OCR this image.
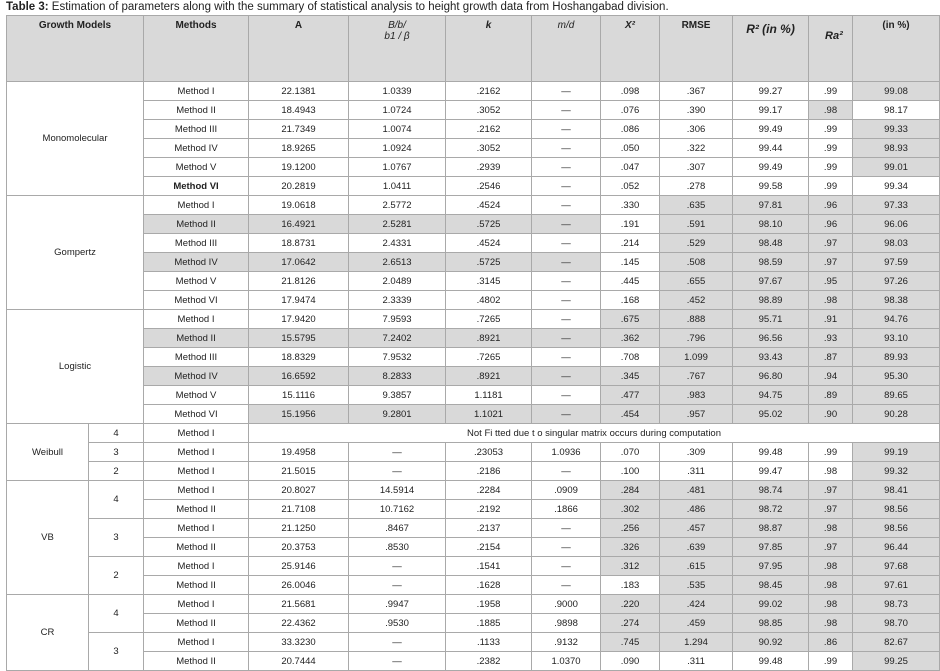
Table 3: Estimation of parameters along with the summary of statistical analysis to height growth data from Hoshangabad division.
Growth Models		Methods	A	B/b/
b1 / β	k	m/d	X²	RMSE	R² (in %)	Ra²	(in %)
Monomolecular		Method I	22.1381	1.0339	.2162	—	.098	.367	99.27	.99	99.08
		Method II	18.4943	1.0724	.3052	—	.076	.390	99.17	.98	98.17
		Method III	21.7349	1.0074	.2162	—	.086	.306	99.49	.99	99.33
		Method IV	18.9265	1.0924	.3052	—	.050	.322	99.44	.99	98.93
		Method V	19.1200	1.0767	.2939	—	.047	.307	99.49	.99	99.01
		Method VI	20.2819	1.0411	.2546	—	.052	.278	99.58	.99	99.34
Gompertz		Method I	19.0618	2.5772	.4524	—	.330	.635	97.81	.96	97.33
		Method II	16.4921	2.5281	.5725	—	.191	.591	98.10	.96	96.06
		Method III	18.8731	2.4331	.4524	—	.214	.529	98.48	.97	98.03
		Method IV	17.0642	2.6513	.5725	—	.145	.508	98.59	.97	97.59
		Method V	21.8126	2.0489	.3145	—	.445	.655	97.67	.95	97.26
		Method VI	17.9474	2.3339	.4802	—	.168	.452	98.89	.98	98.38
Logistic		Method I	17.9420	7.9593	.7265	—	.675	.888	95.71	.91	94.76
		Method II	15.5795	7.2402	.8921	—	.362	.796	96.56	.93	93.10
		Method III	18.8329	7.9532	.7265	—	.708	1.099	93.43	.87	89.93
		Method IV	16.6592	8.2833	.8921	—	.345	.767	96.80	.94	95.30
		Method V	15.1116	9.3857	1.1181	—	.477	.983	94.75	.89	89.65
		Method VI	15.1956	9.2801	1.1021	—	.454	.957	95.02	.90	90.28
Weibull	4	Method I	Not Fi tted due t o singular matrix occurs during computation								
	3	Method I	19.4958	—	.23053	1.0936	.070	.309	99.48	.99	99.19
	2	Method I	21.5015	—	.2186	—	.100	.311	99.47	.98	99.32
VB	4	Method I	20.8027	14.5914	.2284	.0909	.284	.481	98.74	.97	98.41
		Method II	21.7108	10.7162	.2192	.1866	.302	.486	98.72	.97	98.56
	3	Method I	21.1250	.8467	.2137	—	.256	.457	98.87	.98	98.56
		Method II	20.3753	.8530	.2154	—	.326	.639	97.85	.97	96.44
	2	Method I	25.9146	—	.1541	—	.312	.615	97.95	.98	97.68
		Method II	26.0046	—	.1628	—	.183	.535	98.45	.98	97.61
CR	4	Method I	21.5681	.9947	.1958	.9000	.220	.424	99.02	.98	98.73
		Method II	22.4362	.9530	.1885	.9898	.274	.459	98.85	.98	98.70
	3	Method I	33.3230	—	.1133	.9132	.745	1.294	90.92	.86	82.67
		Method II	20.7444	—	.2382	1.0370	.090	.311	99.48	.99	99.25
